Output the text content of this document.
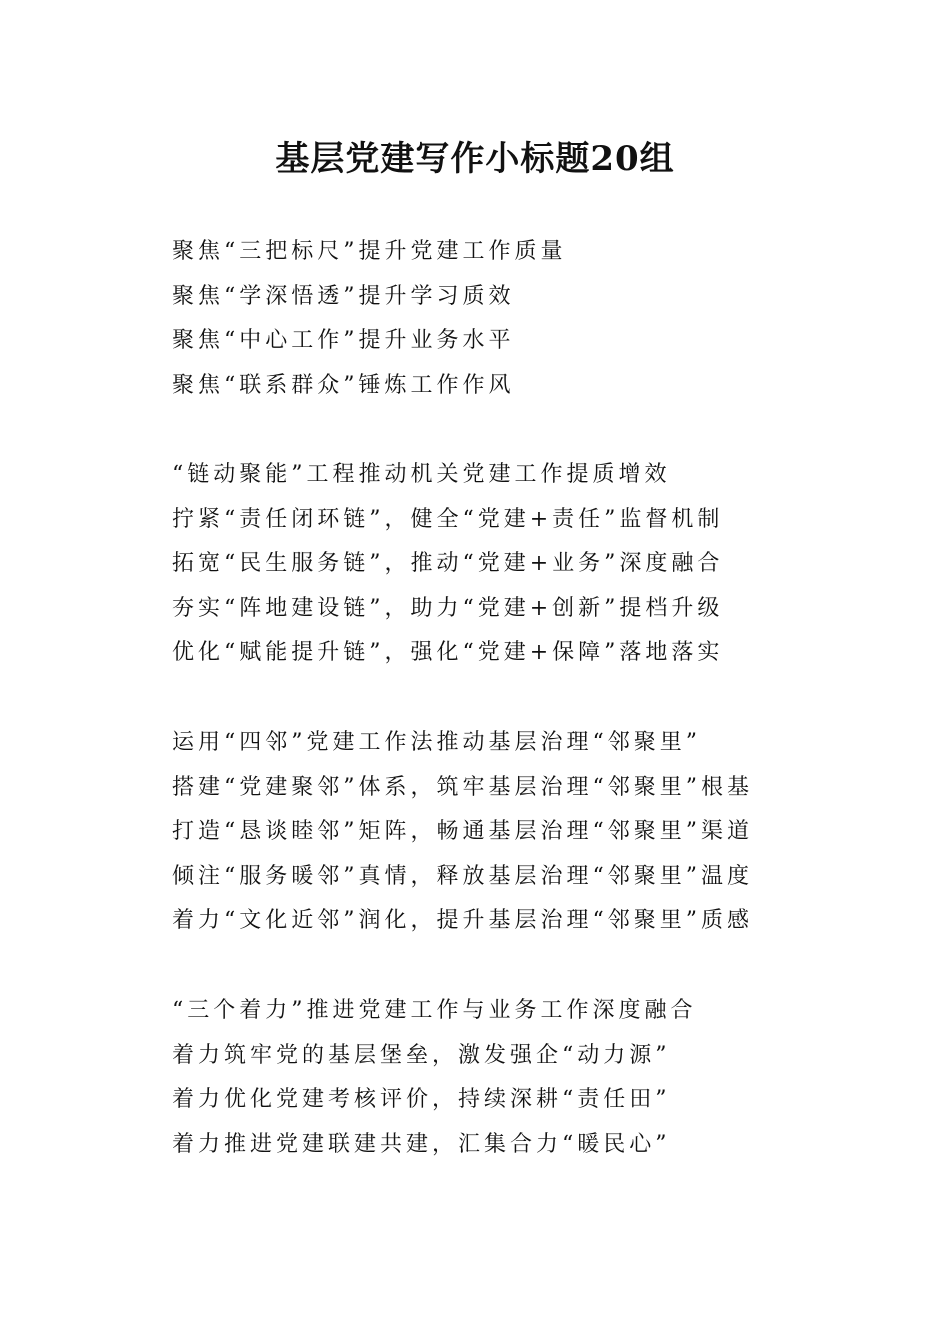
基层党建写作小标题20组
聚焦“三把标尺”提升党建工作质量
聚焦“学深悟透”提升学习质效
聚焦“中心工作”提升业务水平
聚焦“联系群众”锤炼工作作风
“链动聚能”工程推动机关党建工作提质增效
拧紧“责任闭环链”，健全“党建+责任”监督机制
拓宽“民生服务链”，推动“党建+业务”深度融合
夯实“阵地建设链”，助力“党建+创新”提档升级
优化“赋能提升链”，强化“党建+保障”落地落实
运用“四邻”党建工作法推动基层治理“邻聚里”
搭建“党建聚邻”体系，筑牢基层治理“邻聚里”根基
打造“恳谈睦邻”矩阵，畅通基层治理“邻聚里”渠道
倾注“服务暖邻”真情，释放基层治理“邻聚里”温度
着力“文化近邻”润化，提升基层治理“邻聚里”质感
“三个着力”推进党建工作与业务工作深度融合
着力筑牢党的基层堡垒，激发强企“动力源”
着力优化党建考核评价，持续深耕“责任田”
着力推进党建联建共建，汇集合力“暖民心”
